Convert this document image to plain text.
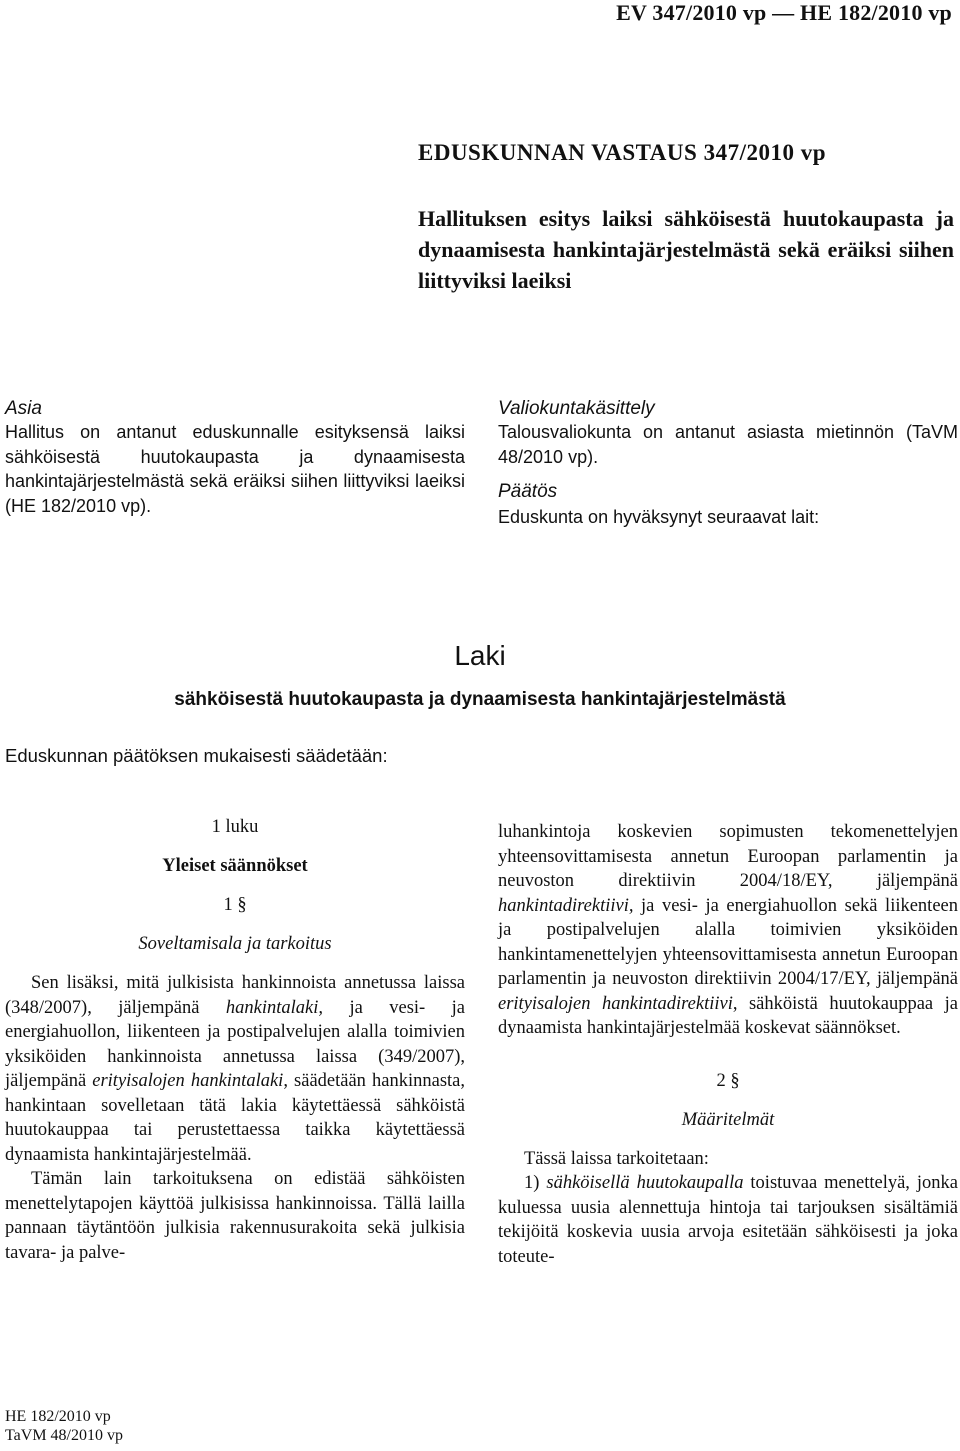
EV 347/2010 vp — HE 182/2010 vp
EDUSKUNNAN VASTAUS 347/2010 vp
Hallituksen esitys laiksi sähköisestä huutokaupasta ja dynaamisesta hankintajärjestelmästä sekä eräiksi siihen liittyviksi laeiksi
Asia
Hallitus on antanut eduskunnalle esityksensä laiksi sähköisestä huutokaupasta ja dynaamisesta hankintajärjestelmästä sekä eräiksi siihen liittyviksi laeiksi (HE 182/2010 vp).
Valiokuntakäsittely
Talousvaliokunta on antanut asiasta mietinnön (TaVM 48/2010 vp).
Päätös
Eduskunta on hyväksynyt seuraavat lait:
Laki
sähköisestä huutokaupasta ja dynaamisesta hankintajärjestelmästä
Eduskunnan päätöksen mukaisesti säädetään:
1 luku
Yleiset säännökset
1 §
Soveltamisala ja tarkoitus
Sen lisäksi, mitä julkisista hankinnoista annetussa laissa (348/2007), jäljempänä hankintalaki, ja vesi- ja energiahuollon, liikenteen ja postipalvelujen alalla toimivien yksiköiden hankinnoista annetussa laissa (349/2007), jäljempänä erityisalojen hankintalaki, säädetään hankinnasta, hankintaan sovelletaan tätä lakia käytettäessä sähköistä huutokauppaa tai perustettaessa taikka käytettäessä dynaamista hankintajärjestelmää.
Tämän lain tarkoituksena on edistää sähköisten menettelytapojen käyttöä julkisissa hankinnoissa. Tällä lailla pannaan täytäntöön julkisia rakennusurakoita sekä julkisia tavara- ja palve-
luhankintoja koskevien sopimusten tekomenettelyjen yhteensovittamisesta annetun Euroopan parlamentin ja neuvoston direktiivin 2004/18/EY, jäljempänä hankintadirektiivi, ja vesi- ja energiahuollon sekä liikenteen ja postipalvelujen alalla toimivien yksiköiden hankintamenettelyjen yhteensovittamisesta annetun Euroopan parlamentin ja neuvoston direktiivin 2004/17/EY, jäljempänä erityisalojen hankintadirektiivi, sähköistä huutokauppaa ja dynaamista hankintajärjestelmää koskevat säännökset.
2 §
Määritelmät
Tässä laissa tarkoitetaan:
1) sähköisellä huutokaupalla toistuvaa menettelyä, jonka kuluessa uusia alennettuja hintoja tai tarjouksen sisältämiä tekijöitä koskevia uusia arvoja esitetään sähköisesti ja joka toteute-
HE 182/2010 vp
TaVM 48/2010 vp
